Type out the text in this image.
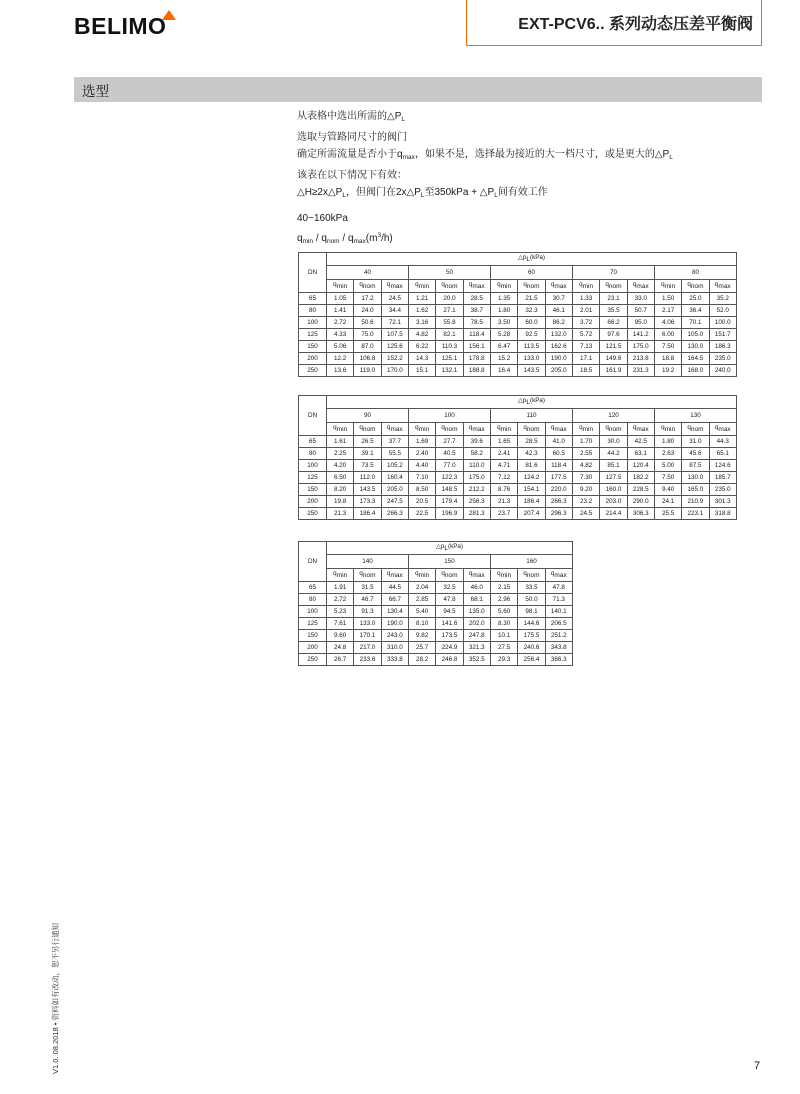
BELIMO	EXT-PCV6.. 系列动态压差平衡阀
选型
从表格中选出所需的$\triangle P_L$
选取与管路同尺寸的阀门
确定所需流量是否小于$q_{max}$，如果不是，选择最为接近的大一档尺寸，或是更大的$\triangle P_L$
该表在以下情况下有效：
$\triangle H\ge 2x\triangle P_L$，但阀门在$2x\triangle P_L$至$350kPa + \triangle P_L$间有效工作
40~160kPa
$q_{min} / q_{nom} / q_{max}(m^3/h)$
DN	$\triangle p_L(kPa)$														
	40			50			60			70			80		
	$q_{min}$	$q_{nom}$	$q_{max}$	$q_{min}$	$q_{nom}$	$q_{max}$	$q_{min}$	$q_{nom}$	$q_{max}$	$q_{min}$	$q_{nom}$	$q_{max}$	$q_{min}$	$q_{nom}$	$q_{max}$
65	1.05	17.2	24.5	1.21	20.0	28.5	1.35	21.5	30.7	1.33	23.1	33.0	1.50	25.0	35.2
80	1.41	24.0	34.4	1.62	27.1	38.7	1.80	32.3	46.1	2.01	35.5	50.7	2.17	36.4	52.0
100	2.72	50.6	72.1	3.16	55.8	78.5	3.50	60.0	86.2	3.72	66.2	95.0	4.06	70.1	100.0
125	4.33	75.0	107.5	4.82	82.1	118.4	5.28	92.5	132.0	5.72	97.6	141.2	6.00	105.0	151.7
150	5.06	87.0	125.6	6.22	110.3	156.1	6.47	113.5	162.6	7.13	121.5	175.0	7.50	130.0	186.3
200	12.2	106.8	152.2	14.3	125.1	178.8	15.2	133.0	190.0	17.1	149.6	213.8	18.8	164.5	235.0
250	13.6	119.0	170.0	15.1	132.1	188.8	16.4	143.5	205.0	18.5	161.9	231.3	19.2	168.0	240.0
DN	$\triangle p_L(kPa)$														
	90			100			110			120			130		
	$q_{min}$	$q_{nom}$	$q_{max}$	$q_{min}$	$q_{nom}$	$q_{max}$	$q_{min}$	$q_{nom}$	$q_{max}$	$q_{min}$	$q_{nom}$	$q_{max}$	$q_{min}$	$q_{nom}$	$q_{max}$
65	1.61	26.5	37.7	1.69	27.7	39.6	1.65	28.5	41.0	1.70	30.0	42.5	1.80	31.0	44.3
80	2.25	39.1	55.5	2.40	40.5	58.2	2.41	42.3	60.5	2.55	44.2	63.1	2.63	45.6	65.1
100	4.20	73.5	105.2	4.40	77.0	110.0	4.71	81.6	118.4	4.82	85.1	120.4	5.00	87.5	124.6
125	6.50	112.0	160.4	7.10	122.3	175.0	7.12	124.2	177.5	7.30	127.5	182.2	7.50	130.0	185.7
150	8.20	143.5	205.0	8.50	148.5	212.2	8.76	154.1	220.0	9.20	160.0	228.5	9.40	165.0	235.0
200	19.8	173.3	247.5	20.5	179.4	256.3	21.3	186.4	266.3	23.2	203.0	290.0	24.1	210.9	301.3
250	21.3	186.4	266.3	22.5	196.9	281.3	23.7	207.4	296.3	24.5	214.4	306.3	25.5	223.1	318.8
DN	$\triangle p_L(kPa)$								
	140			150			160		
	$q_{min}$	$q_{nom}$	$q_{max}$	$q_{min}$	$q_{nom}$	$q_{max}$	$q_{min}$	$q_{nom}$	$q_{max}$
65	1.91	31.5	44.5	2.04	32.5	46.0	2.15	33.5	47.8
80	2.72	46.7	66.7	2.85	47.8	68.1	2.96	50.0	71.3
100	5.23	91.3	130.4	5.40	94.5	135.0	5.60	98.1	140.1
125	7.61	133.0	190.0	8.10	141.6	202.0	8.30	144.6	206.5
150	9.60	170.1	243.0	9.82	173.5	247.8	10.1	175.5	251.2
200	24.8	217.0	310.0	25.7	224.9	321.3	27.5	240.6	343.8
250	26.7	233.6	333.8	28.2	246.8	352.5	29.3	256.4	366.3
V1.0. 08.2018 • 资料如有改动，恕不另行通知	7
